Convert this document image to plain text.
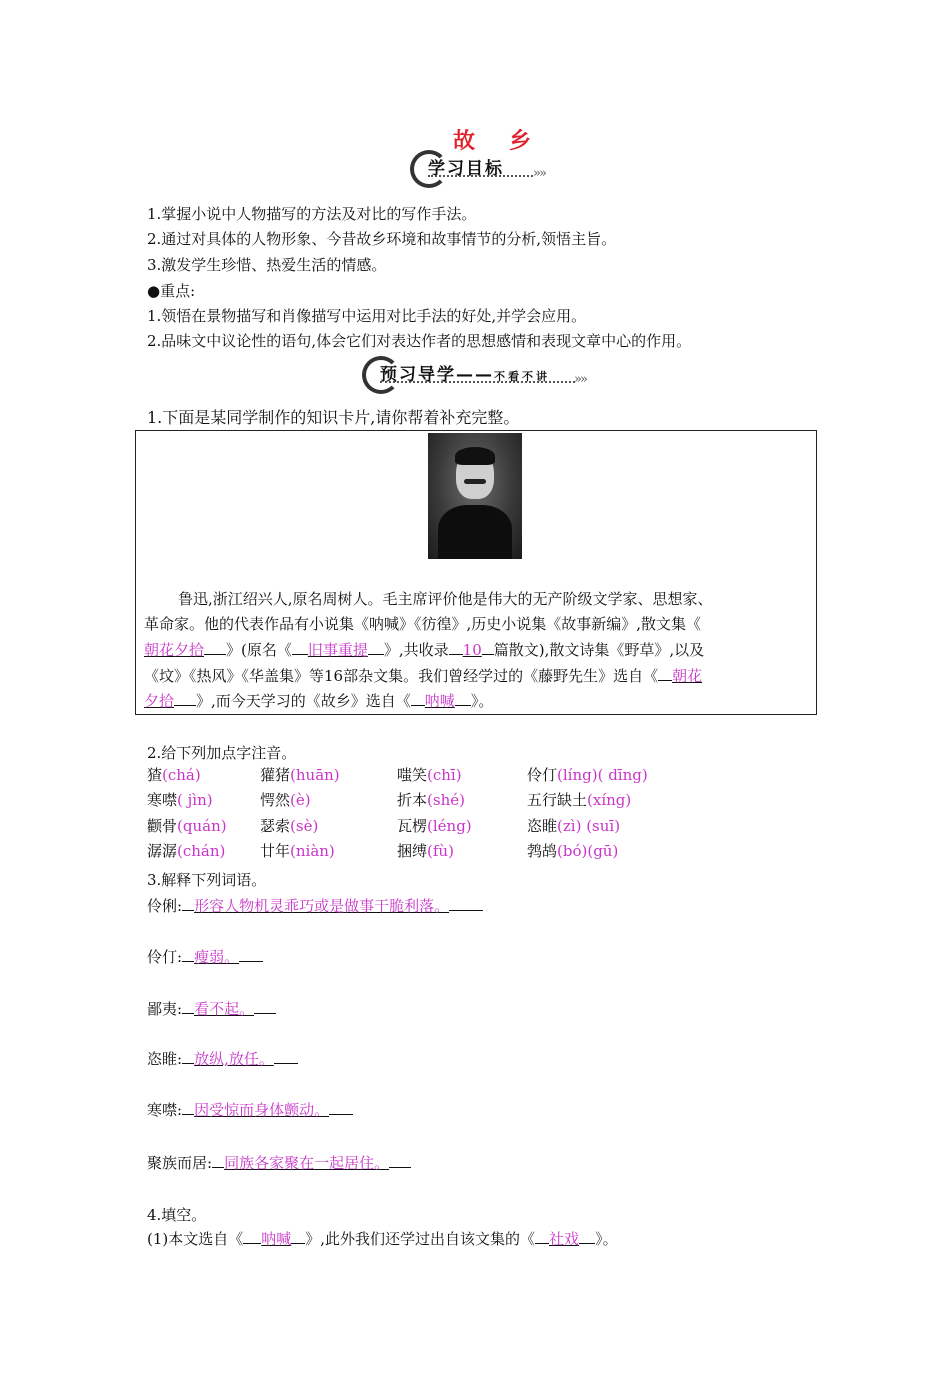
故乡
学习目标 »»
1.掌握小说中人物描写的方法及对比的写作手法。
2.通过对具体的人物形象、今昔故乡环境和故事情节的分析,领悟主旨。
3.激发学生珍惜、热爱生活的情感。
●重点:
1.领悟在景物描写和肖像描写中运用对比手法的好处,并学会应用。
2.品味文中议论性的语句,体会它们对表达作者的思想感情和表现文章中心的作用。
预习导学——不看不讲 »»
1.下面是某同学制作的知识卡片,请你帮着补充完整。
鲁迅,浙江绍兴人,原名周树人。毛主席评价他是伟大的无产阶级文学家、思想家、
革命家。他的代表作品有小说集《呐喊》《彷徨》,历史小说集《故事新编》,散文集《
朝花夕拾 》(原名《 旧事重提 》,共收录 10 篇散文),散文诗集《野草》,以及
《坟》《热风》《华盖集》等16部杂文集。我们曾经学过的《藤野先生》选自《 朝花
夕拾 》,而今天学习的《故乡》选自《 呐喊 》。
2.给下列加点字注音。
猹(chá)	獾猪(huān)	嗤笑(chī)	伶仃(líng)( dīng)
寒噤( jìn)	愕然(è)	折本(shé)	五行缺土(xíng)
颧骨(quán) 瑟索(sè)	瓦楞(léng)	恣睢(zì) (suī)
潺潺(chán) 廿年(niàn)	捆缚(fù)	鹁鸪(bó)(gū)
3.解释下列词语。
伶俐: 形容人物机灵乖巧或是做事干脆利落。
伶仃: 瘦弱。
鄙夷: 看不起。
恣睢: 放纵,放任。
寒噤: 因受惊而身体颤动。
聚族而居: 同族各家聚在一起居住。
4.填空。
(1)本文选自《 呐喊 》,此外我们还学过出自该文集的《 社戏 》。
